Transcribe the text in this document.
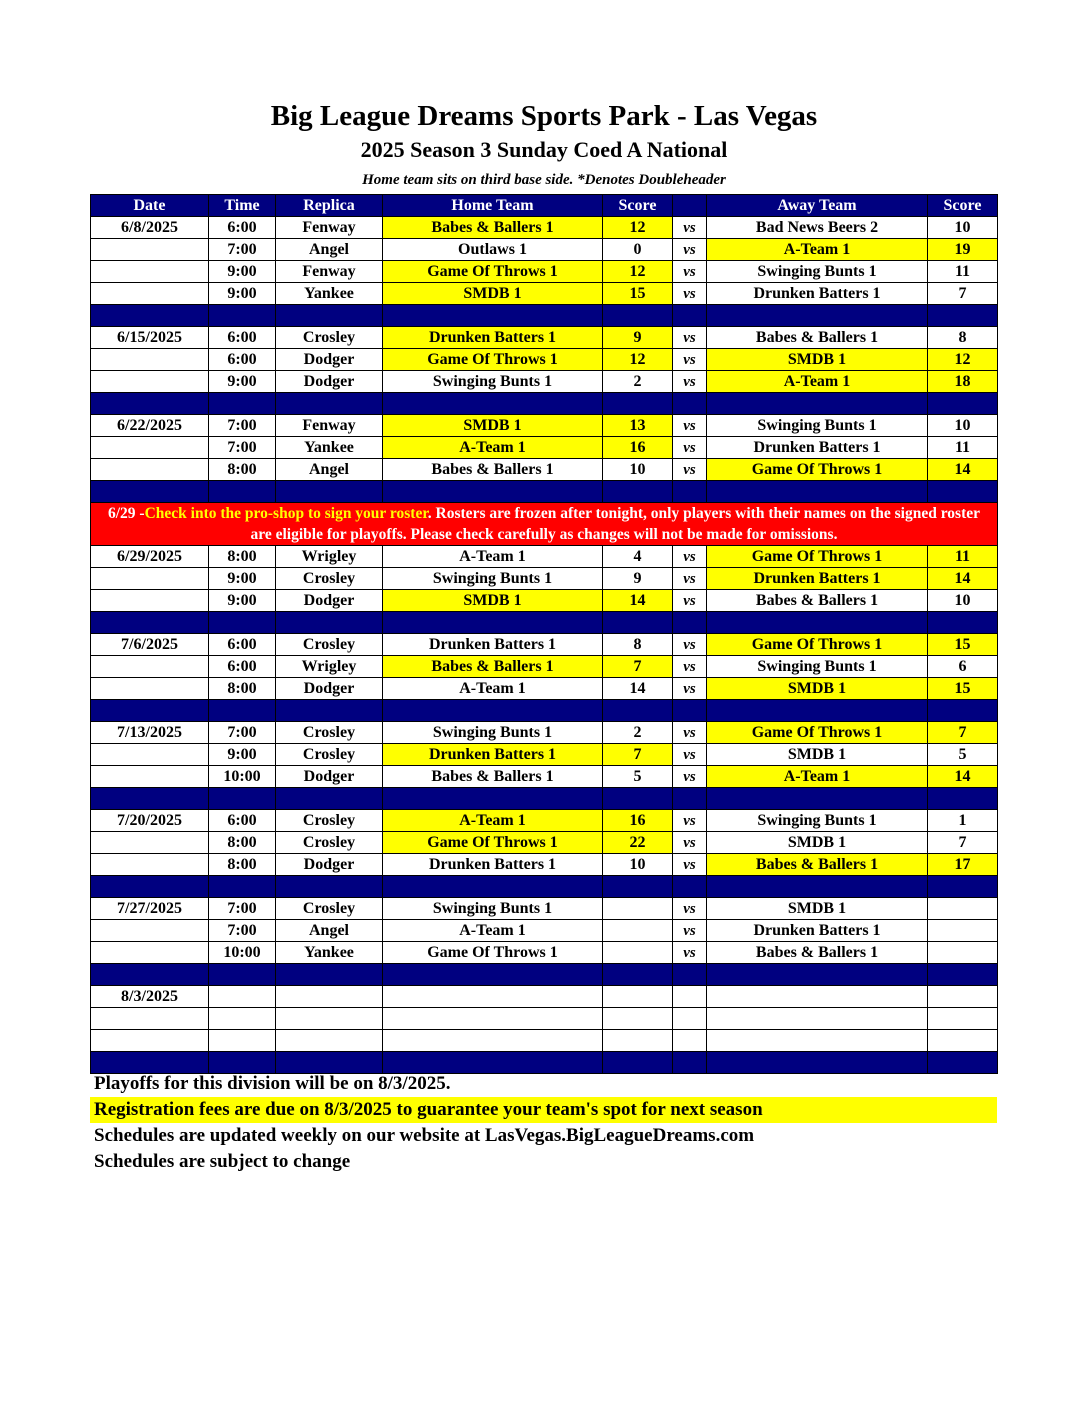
Big League Dreams Sports Park - Las Vegas
2025 Season 3 Sunday Coed A National
Home team sits on third base side. *Denotes Doubleheader
Date	Time	Replica	Home Team	Score		Away Team	Score
6/8/2025	6:00	Fenway	Babes & Ballers 1	12	vs	Bad News Beers 2	10
	7:00	Angel	Outlaws 1	0	vs	A-Team 1	19
	9:00	Fenway	Game Of Throws 1	12	vs	Swinging Bunts 1	11
	9:00	Yankee	SMDB 1	15	vs	Drunken Batters 1	7

6/15/2025	6:00	Crosley	Drunken Batters 1	9	vs	Babes & Ballers 1	8
	6:00	Dodger	Game Of Throws 1	12	vs	SMDB 1	12
	9:00	Dodger	Swinging Bunts 1	2	vs	A-Team 1	18

6/22/2025	7:00	Fenway	SMDB 1	13	vs	Swinging Bunts 1	10
	7:00	Yankee	A-Team 1	16	vs	Drunken Batters 1	11
	8:00	Angel	Babes & Ballers 1	10	vs	Game Of Throws 1	14

6/29 -Check into the pro-shop to sign your roster. Rosters are frozen after tonight, only players with their names on the signed roster are eligible for playoffs. Please check carefully as changes will not be made for omissions.							
6/29/2025	8:00	Wrigley	A-Team 1	4	vs	Game Of Throws 1	11
	9:00	Crosley	Swinging Bunts 1	9	vs	Drunken Batters 1	14
	9:00	Dodger	SMDB 1	14	vs	Babes & Ballers 1	10

7/6/2025	6:00	Crosley	Drunken Batters 1	8	vs	Game Of Throws 1	15
	6:00	Wrigley	Babes & Ballers 1	7	vs	Swinging Bunts 1	6
	8:00	Dodger	A-Team 1	14	vs	SMDB 1	15

7/13/2025	7:00	Crosley	Swinging Bunts 1	2	vs	Game Of Throws 1	7
	9:00	Crosley	Drunken Batters 1	7	vs	SMDB 1	5
	10:00	Dodger	Babes & Ballers 1	5	vs	A-Team 1	14

7/20/2025	6:00	Crosley	A-Team 1	16	vs	Swinging Bunts 1	1
	8:00	Crosley	Game Of Throws 1	22	vs	SMDB 1	7
	8:00	Dodger	Drunken Batters 1	10	vs	Babes & Ballers 1	17

7/27/2025	7:00	Crosley	Swinging Bunts 1		vs	SMDB 1	
	7:00	Angel	A-Team 1		vs	Drunken Batters 1	
	10:00	Yankee	Game Of Throws 1		vs	Babes & Ballers 1	

8/3/2025							

Playoffs for this division will be on 8/3/2025.
Registration fees are due on 8/3/2025 to guarantee your team's spot for next season
Schedules are updated weekly on our website at LasVegas.BigLeagueDreams.com
Schedules are subject to change
